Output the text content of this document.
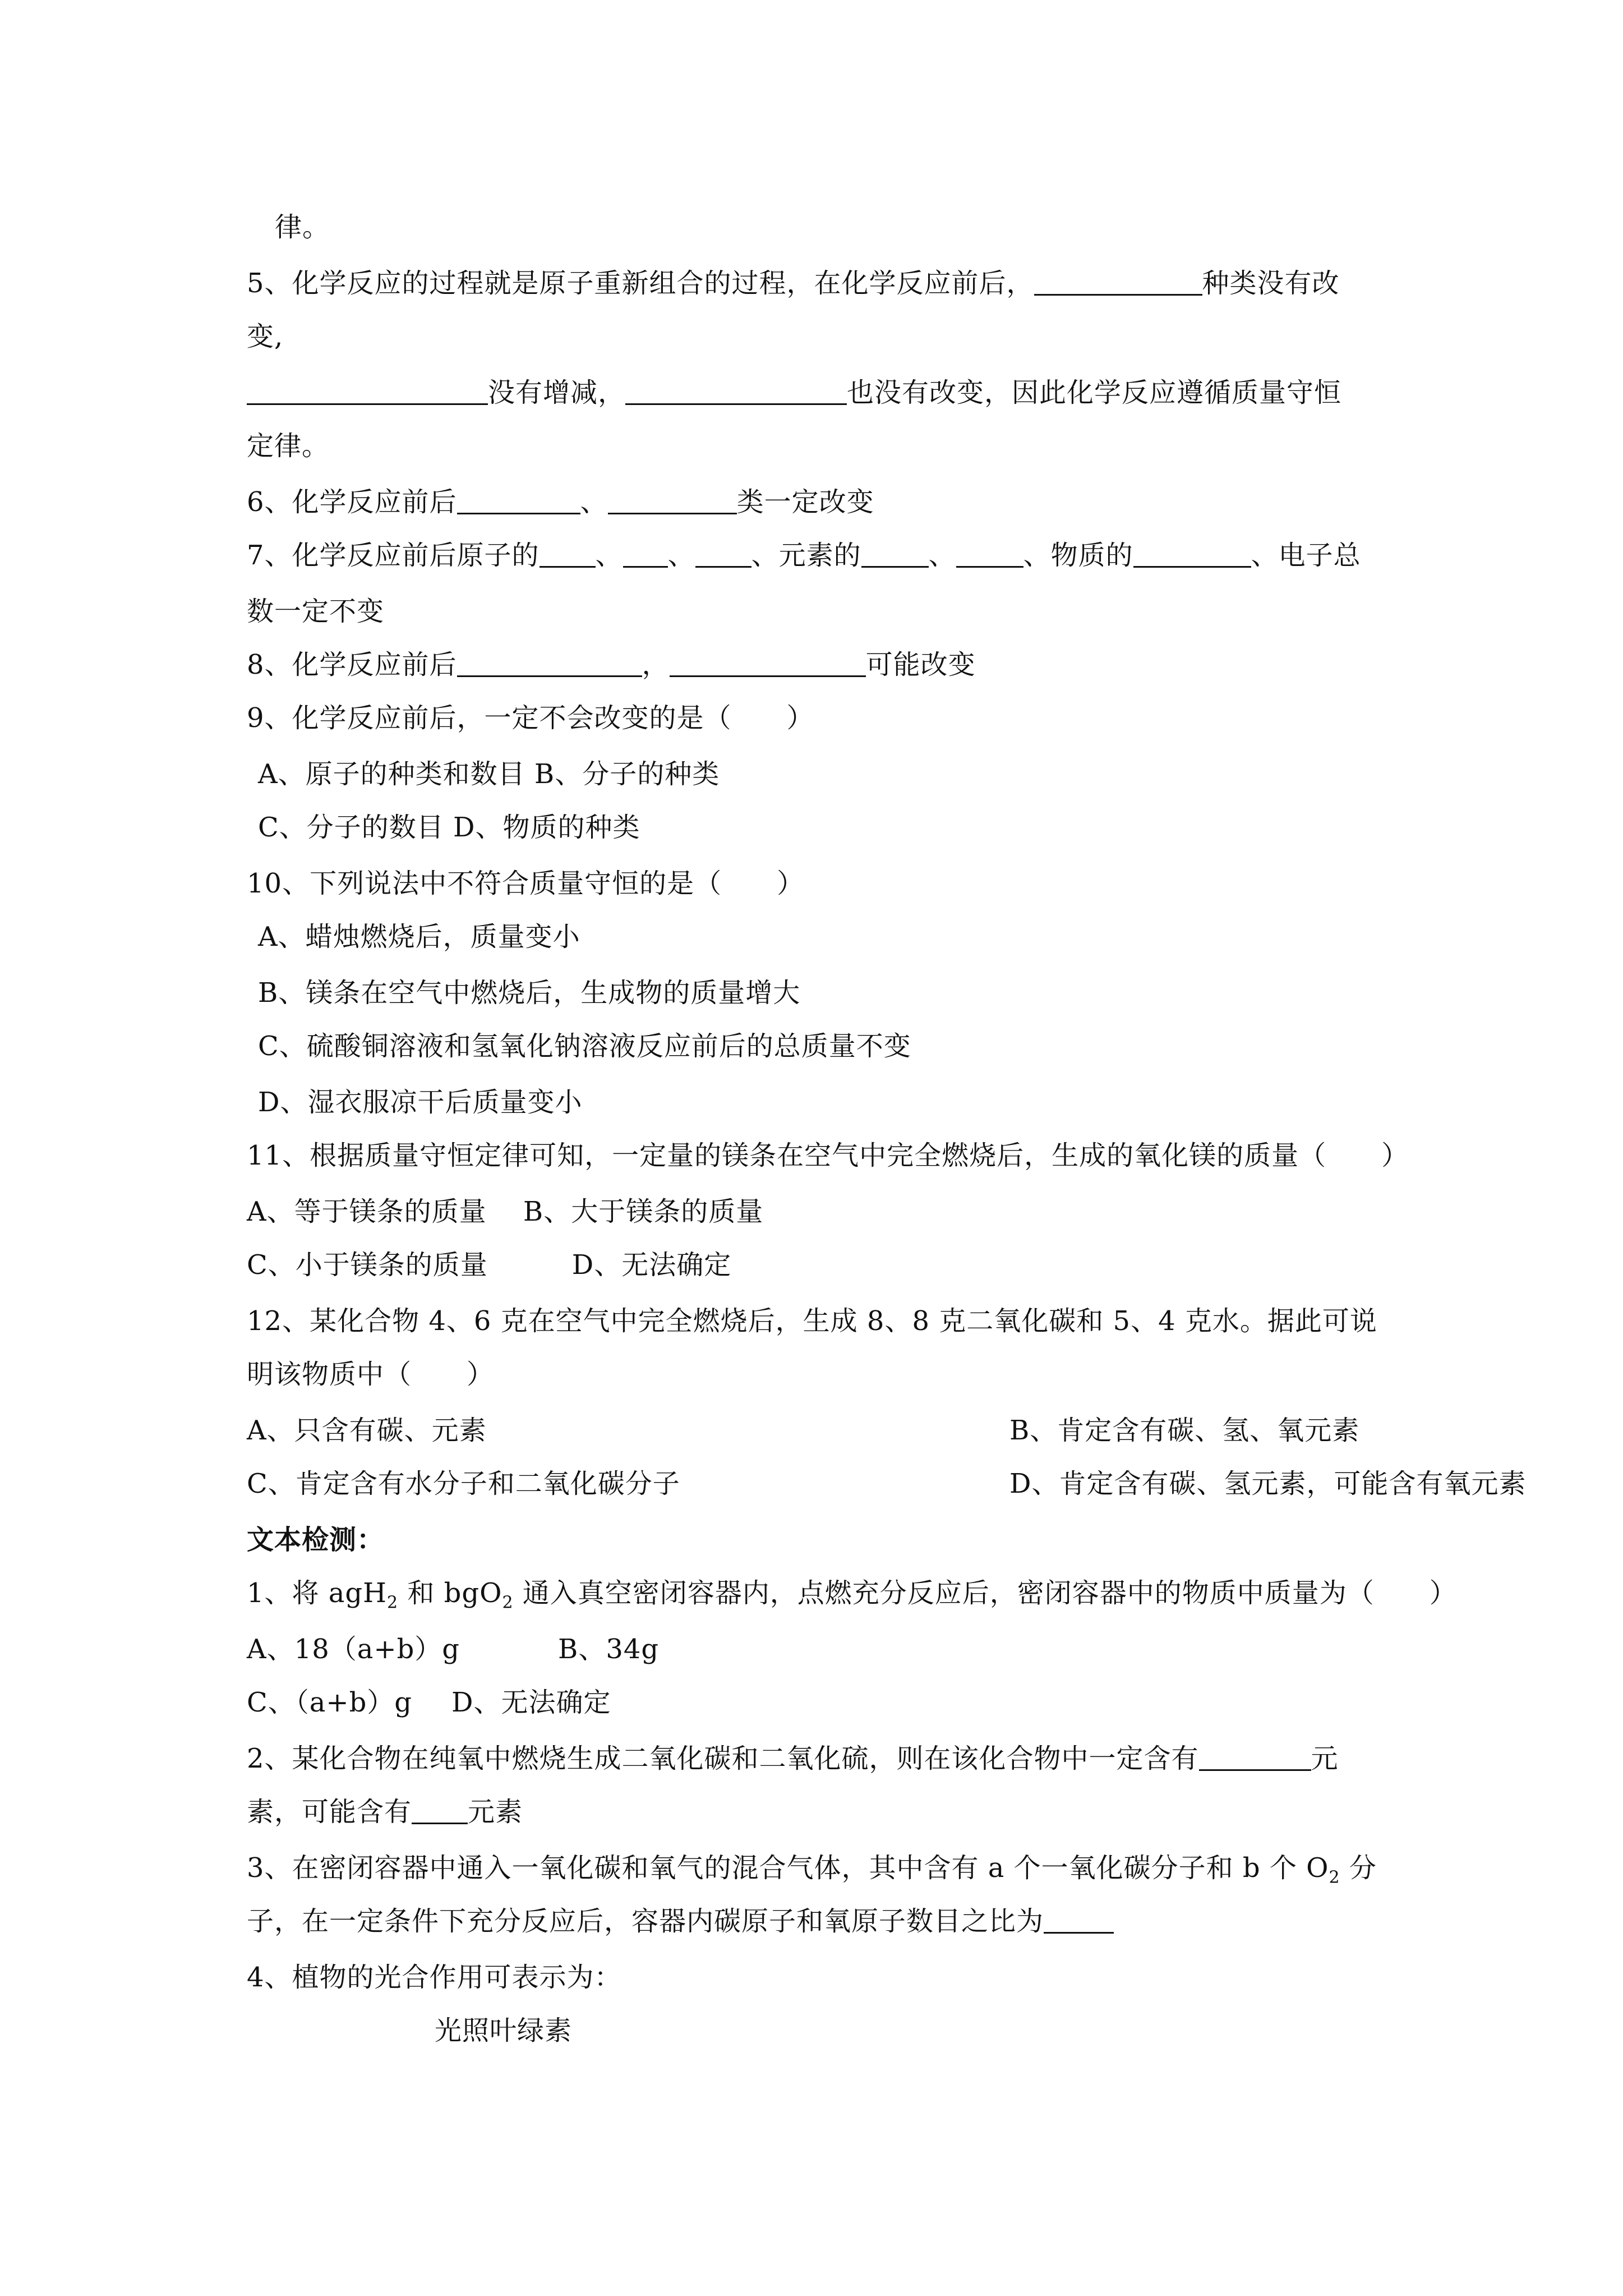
律。
5、化学反应的过程就是原子重新组合的过程，在化学反应前后，	种类没有改
变,
没有增减，	也没有改变，因此化学反应遵循质量守恒
定律。
6、化学反应前后	、	类一定改变
7、化学反应前后原子的 、 、 、元素的	、	、物质的	、电子总
数一定不变
8、化学反应前后	，	可能改变
9、化学反应前后，一定不会改变的是（　　）
A、原子的种类和数目 B、分子的种类
C、分子的数目 D、物质的种类
10、下列说法中不符合质量守恒的是（　　）
A、蜡烛燃烧后，质量变小
B、镁条在空气中燃烧后，生成物的质量增大
C、硫酸铜溶液和氢氧化钠溶液反应前后的总质量不变
D、湿衣服凉干后质量变小
11、根据质量守恒定律可知，一定量的镁条在空气中完全燃烧后，生成的氧化镁的质量（　　）
A、等于镁条的质量　 B、大于镁条的质量
C、小于镁条的质量	D、无法确定
12、某化合物 4、6 克在空气中完全燃烧后，生成 8、8 克二氧化碳和 5、4 克水。据此可说
明该物质中（　　）
A、只含有碳、元素	B、肯定含有碳、氢、氧元素
C、肯定含有水分子和二氧化碳分子	D、肯定含有碳、氢元素，可能含有氧元素
文本检测：
1、将 agH$_2$ 和 bgO$_2$ 通入真空密闭容器内，点燃充分反应后，密闭容器中的物质中质量为（　　）
A、18（a+b）g	B、34g
C、（a+b）g D、无法确定
2、某化合物在纯氧中燃烧生成二氧化碳和二氧化硫，则在该化合物中一定含有	元
素，可能含有 元素
3、在密闭容器中通入一氧化碳和氧气的混合气体，其中含有 a 个一氧化碳分子和 b 个 $O_2$ 分
子，在一定条件下充分反应后，容器内碳原子和氧原子数目之比为
4、植物的光合作用可表示为：
光照叶绿素
